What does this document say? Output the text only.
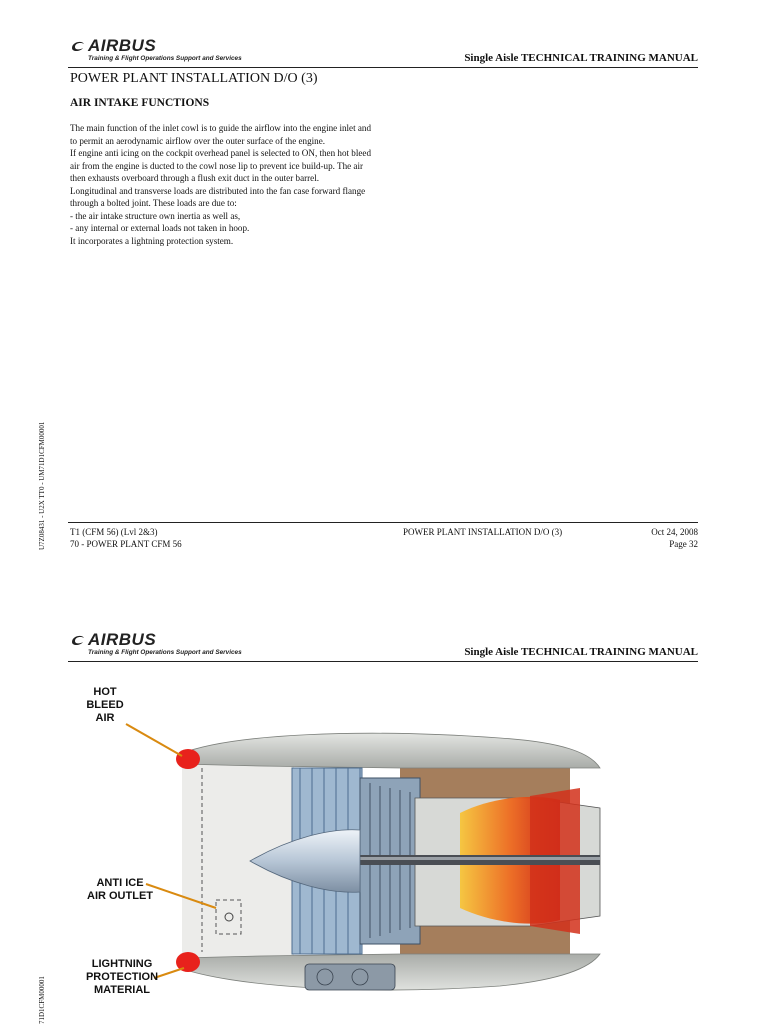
AIRBUS
Training & Flight Operations Support and Services	Single Aisle TECHNICAL TRAINING MANUAL
POWER PLANT INSTALLATION D/O (3)
AIR INTAKE FUNCTIONS

The main function of the inlet cowl is to guide the airflow into the engine inlet and to permit an aerodynamic airflow over the outer surface of the engine.

If engine anti icing on the cockpit overhead panel is selected to ON, then hot bleed air from the engine is ducted to the cowl nose lip to prevent ice build-up. The air then exhausts overboard through a flush exit duct in the outer barrel.

Longitudinal and transverse loads are distributed into the fan case forward flange through a bolted joint. These loads are due to:

- the air intake structure own inertia as well as,

- any internal or external loads not taken in hoop.

It incorporates a lightning protection system.

U7Z08431 - U2X TT0 - UM71D1CFM00001	T1 (CFM 56) (Lvl 2&3)
70 - POWER PLANT CFM 56
POWER PLANT INSTALLATION D/O (3)	Oct 24, 2008
Page 32
AIRBUS
Training & Flight Operations Support and Services	Single Aisle TECHNICAL TRAINING MANUAL
71D1CFM00001
HOT
BLEED
AIR
ANTI ICE
AIR OUTLET
LIGHTNING
PROTECTION
MATERIAL
